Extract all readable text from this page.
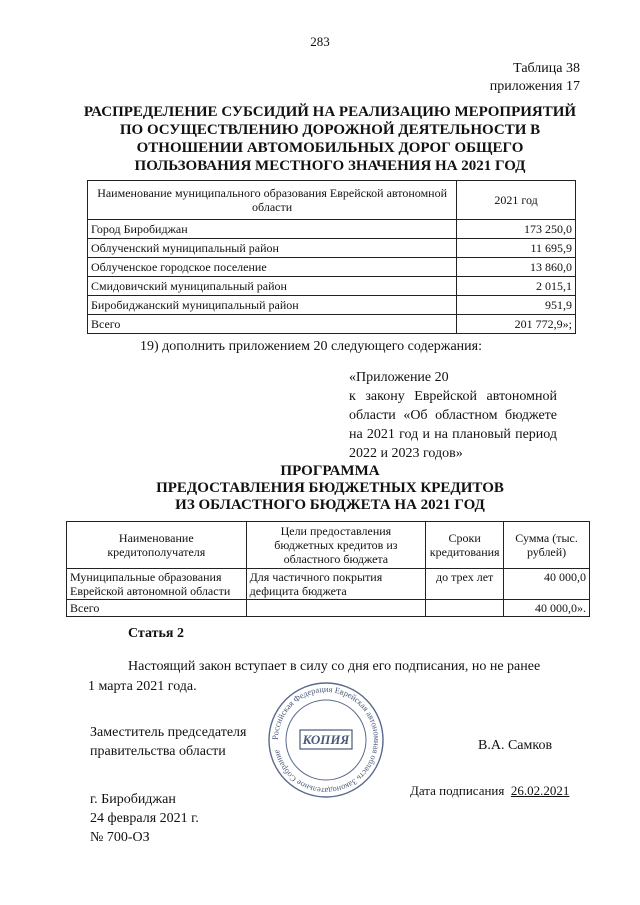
283
Таблица 38
приложения 17
РАСПРЕДЕЛЕНИЕ СУБСИДИЙ НА РЕАЛИЗАЦИЮ МЕРОПРИЯТИЙ
ПО ОСУЩЕСТВЛЕНИЮ ДОРОЖНОЙ ДЕЯТЕЛЬНОСТИ В
ОТНОШЕНИИ АВТОМОБИЛЬНЫХ ДОРОГ ОБЩЕГО
ПОЛЬЗОВАНИЯ МЕСТНОГО ЗНАЧЕНИЯ НА 2021 ГОД
Наименование муниципального образования Еврейской автономной области	2021 год
Город Биробиджан	173 250,0
Облученский муниципальный район	11 695,9
Облученское городское поселение	13 860,0
Смидовичский муниципальный район	2 015,1
Биробиджанский муниципальный район	951,9
Всего	201 772,9»;
19) дополнить приложением 20 следующего содержания:
«Приложение 20
к закону Еврейской автономной области «Об областном бюджете на 2021 год и на плановый период 2022 и 2023 годов»
ПРОГРАММА
ПРЕДОСТАВЛЕНИЯ БЮДЖЕТНЫХ КРЕДИТОВ
ИЗ ОБЛАСТНОГО БЮДЖЕТА НА 2021 ГОД
Наименование кредитополучателя	Цели предоставления бюджетных кредитов из областного бюджета	Сроки кредитования	Сумма (тыс. рублей)
Муниципальные образования Еврейской автономной области	Для частичного покрытия дефицита бюджета	до трех лет	40 000,0
Всего			40 000,0».
Статья 2
Настоящий закон вступает в силу со дня его подписания, но не ранее
1 марта 2021 года.
Заместитель председателя
правительства области
Российская Федерация Еврейская автономная область Законодательное Собрание
КОПИЯ	В.А. Самков
г. Биробиджан
24 февраля 2021 г.
№ 700-ОЗ
Дата подписания 26.02.2021
